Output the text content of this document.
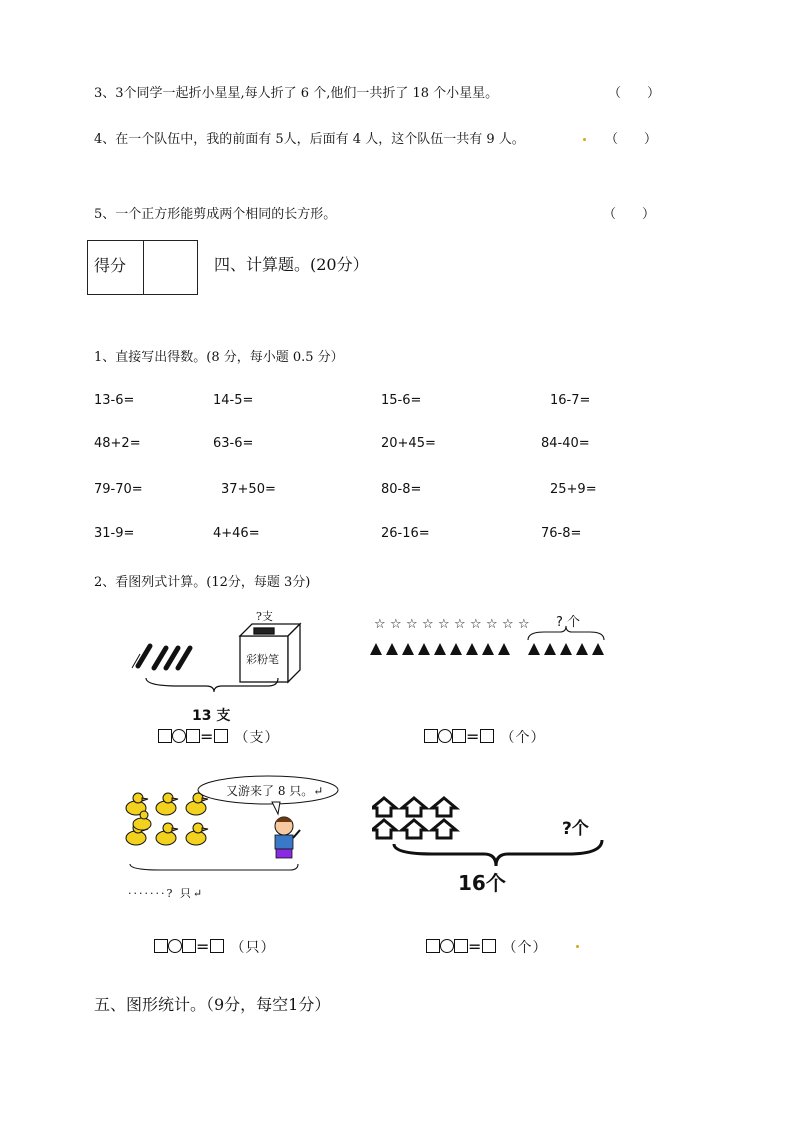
3、3个同学一起折小星星,每人折了 6 个,他们一共折了 18 个小星星。	（　　）
4、在一个队伍中，我的前面有 5人，后面有 4 人，这个队伍一共有 9 人。	（　　）
5、一个正方形能剪成两个相同的长方形。	（　　）
得分	四、计算题。(20分）
1、直接写出得数。(8 分，每小题 0.5 分）
13-6=	14-5=	15-6=	16-7=
48+2=	63-6=	20+45=	84-40=
79-70=	37+50=	80-8=	25+9=
31-9=	4+46=	26-16=	76-8=
2、看图列式计算。(12分，每题 3分)
彩粉笔
?支
13 支
= （支）
☆ ☆ ☆ ☆ ☆ ☆ ☆ ☆ ☆ ☆ ? 个
= （个）
又游来了 8 只。↵
·······? 只↵
= （只）
?个
16个
= （个）
五、图形统计。（9分，每空1分）
